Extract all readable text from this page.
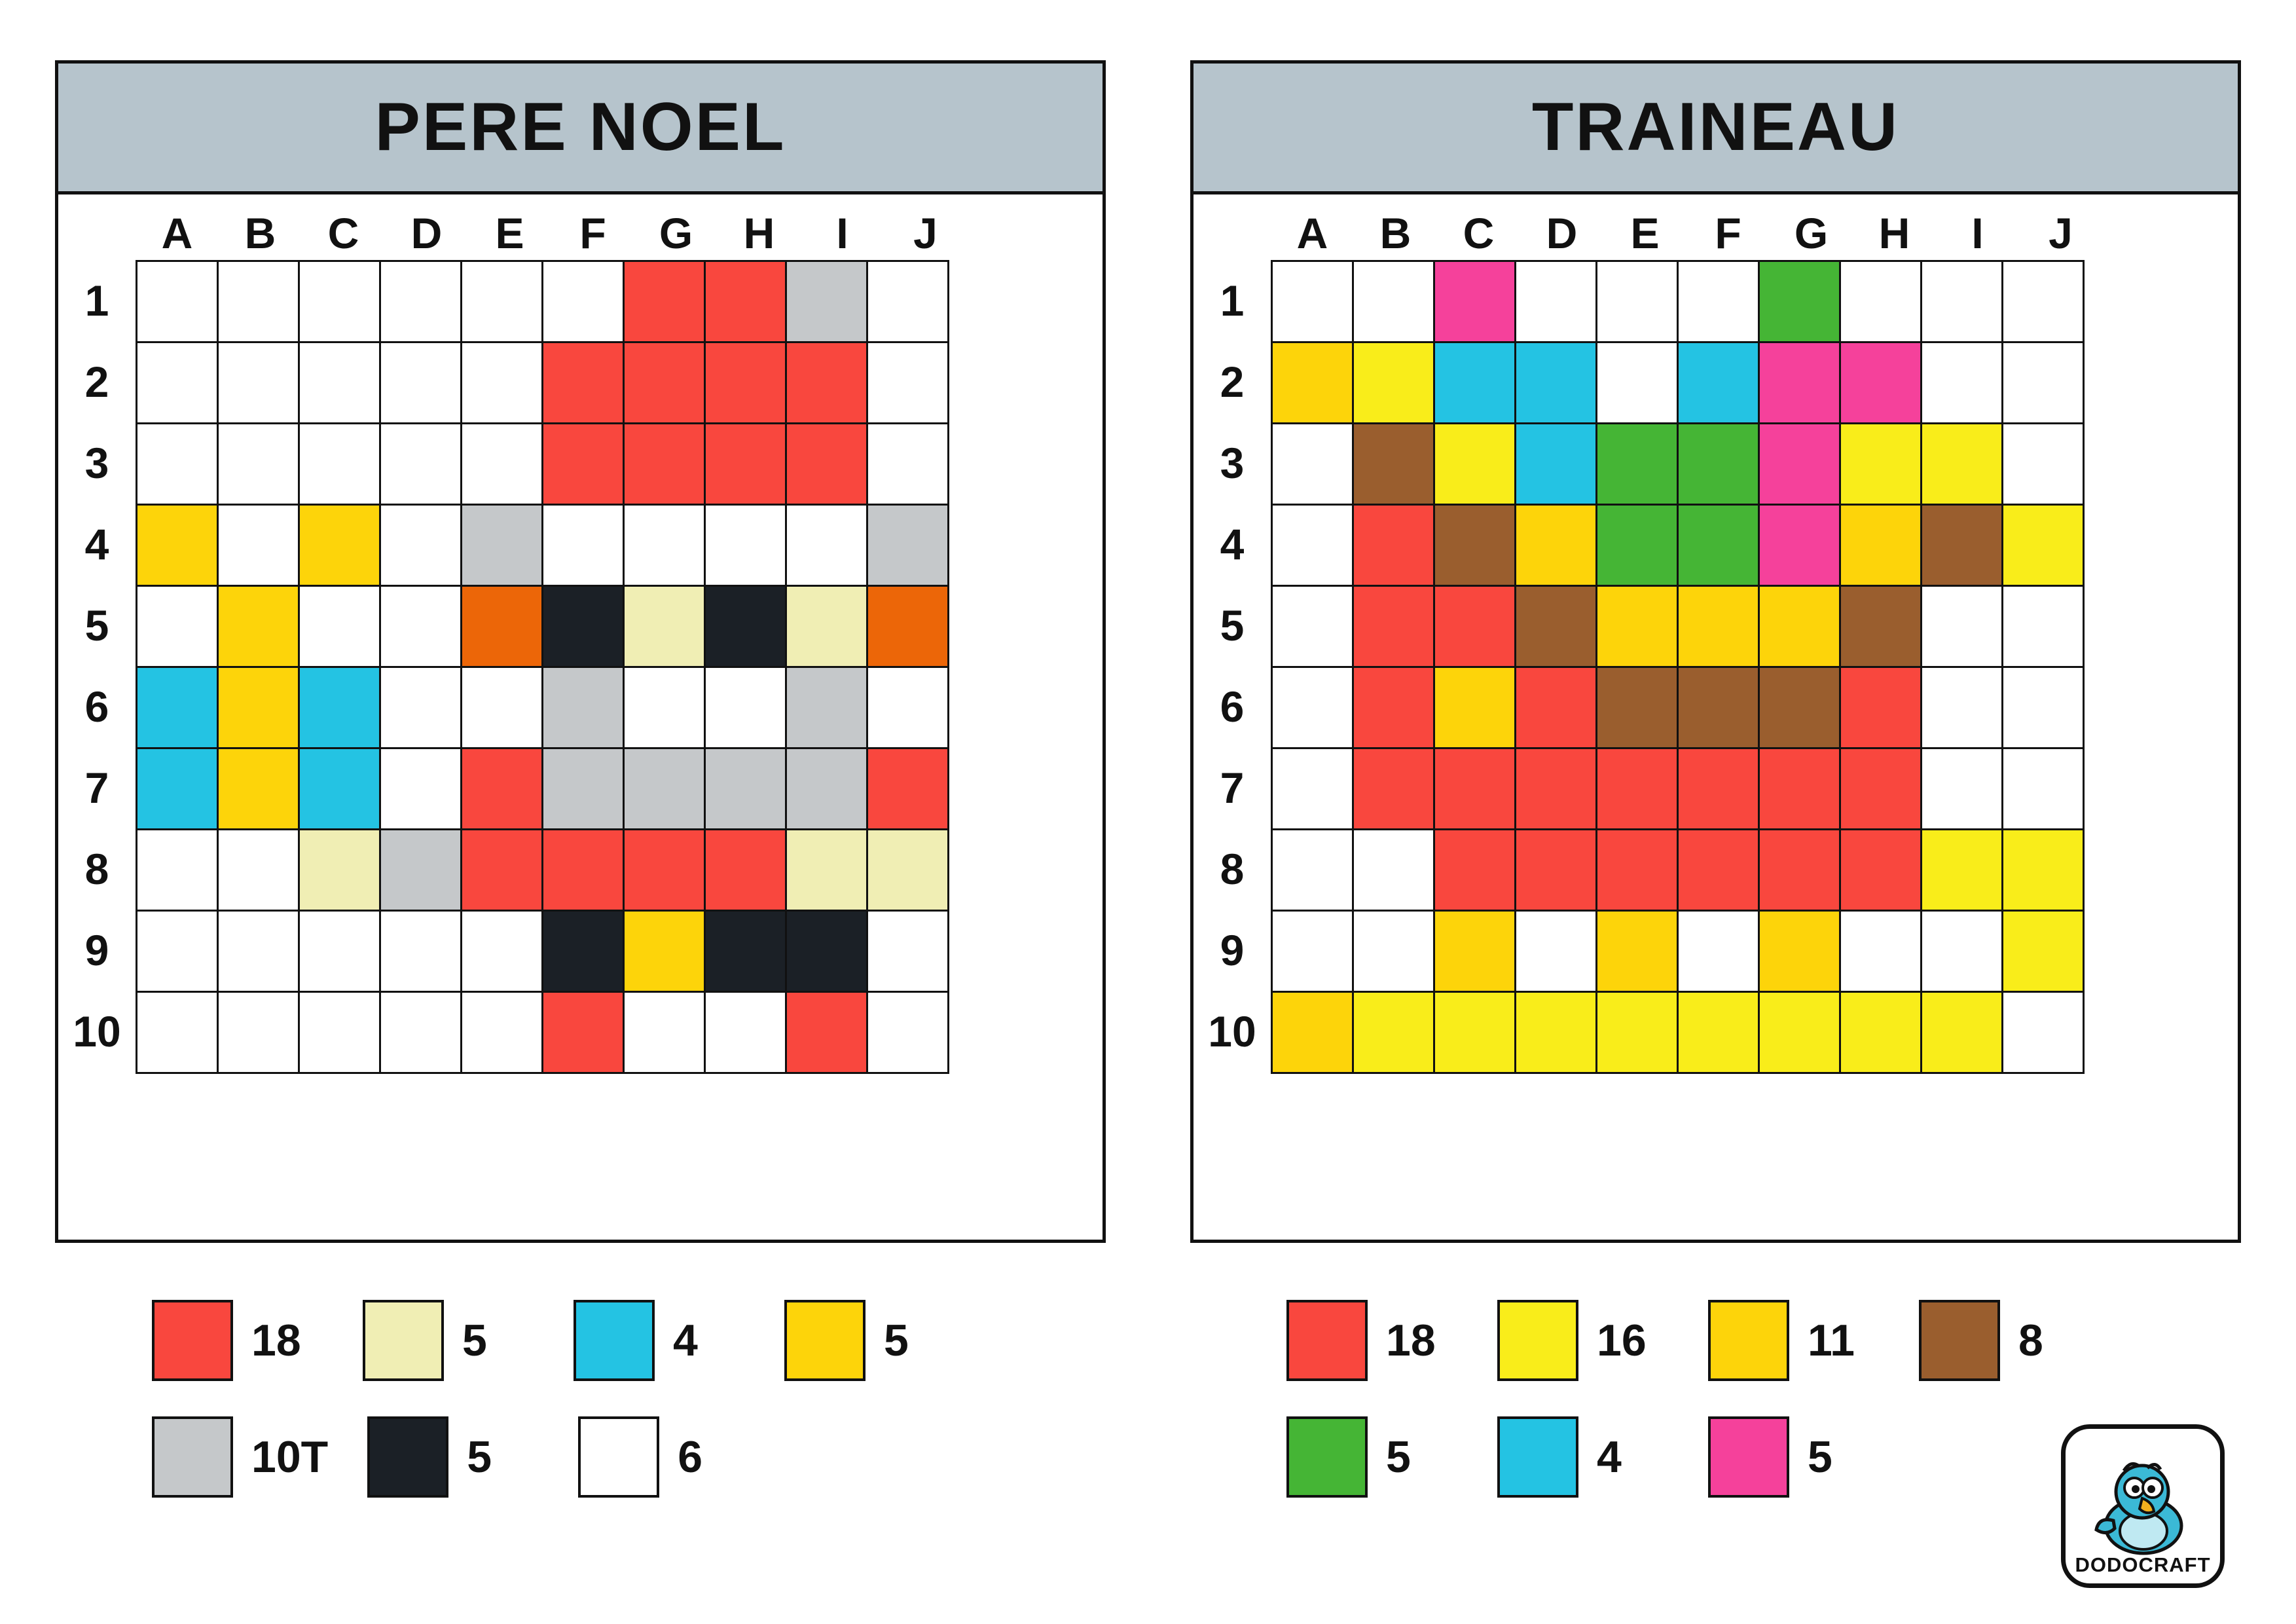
PERE NOEL
A	B	C	D	E	F	G	H	I	J
1
2
3
4
5
6
7
8
9
10
TRAINEAU
A	B	C	D	E	F	G	H	I	J
1
2
3
4
5
6
7
8
9
10
18	5	4	5
10T	5	6
18	16	11	8
5	4	5
DODOCRAFT
